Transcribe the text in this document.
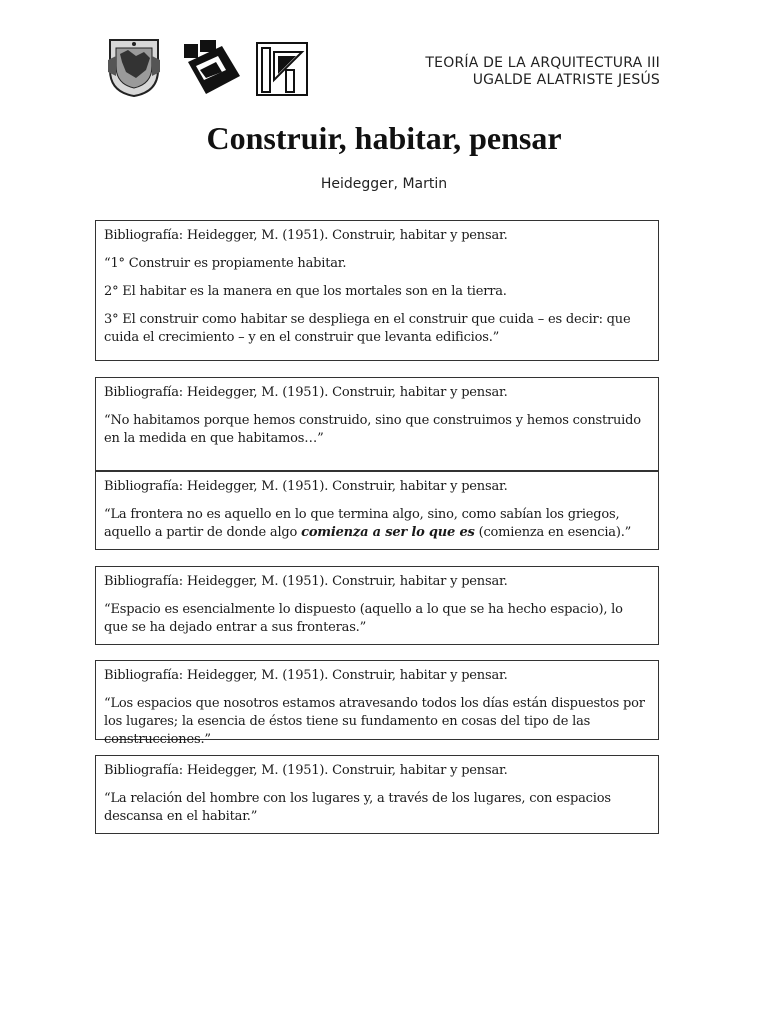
TEORÍA DE LA ARQUITECTURA III
UGALDE ALATRISTE JESÚS
Construir, habitar, pensar
Heidegger, Martin

Bibliografía: Heidegger, M. (1951). Construir, habitar y pensar.

“1° Construir es propiamente habitar.

2° El habitar es la manera en que los mortales son en la tierra.

3° El construir como habitar se despliega en el construir que cuida – es decir: que cuida el crecimiento – y en el construir que levanta edificios.”

Bibliografía: Heidegger, M. (1951). Construir, habitar y pensar.

“No habitamos porque hemos construido, sino que construimos y hemos construido en la medida en que habitamos…”

Bibliografía: Heidegger, M. (1951). Construir, habitar y pensar.

“La frontera no es aquello en lo que termina algo, sino, como sabían los griegos, aquello a partir de donde algo comienza a ser lo que es (comienza en esencia).”

Bibliografía: Heidegger, M. (1951). Construir, habitar y pensar.

“Espacio es esencialmente lo dispuesto (aquello a lo que se ha hecho espacio), lo que se ha dejado entrar a sus fronteras.”

Bibliografía: Heidegger, M. (1951). Construir, habitar y pensar.

“Los espacios que nosotros estamos atravesando todos los días están dispuestos por los lugares; la esencia de éstos tiene su fundamento en cosas del tipo de las construcciones.”

Bibliografía: Heidegger, M. (1951). Construir, habitar y pensar.

“La relación del hombre con los lugares y, a través de los lugares, con espacios descansa en el habitar.”
